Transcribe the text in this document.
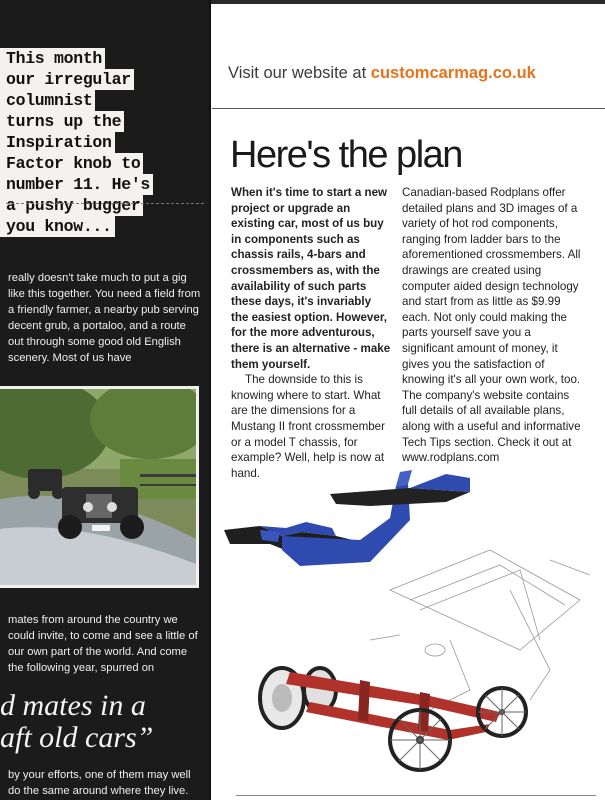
This month
our irregular
columnist
turns up the
Inspiration
Factor knob to
number 11. He's
a pushy bugger
you know...
really doesn't take much to put a gig like this together. You need a field from a friendly farmer, a nearby pub serving decent grub, a portaloo, and a route out through some good old English scenery. Most of us have
mates from around the country we could invite, to come and see a little of our own part of the world. And come the following year, spurred on
d mates in a
aft old cars”
by your efforts, one of them may well do the same around where they live.
Visit our website at customcarmag.co.uk
Here's the plan

When it's time to start a new project or upgrade an existing car, most of us buy in components such as chassis rails, 4-bars and crossmembers as, with the availability of such parts these days, it's invariably the easiest option. However, for the more adventurous, there is an alternative - make them yourself.

The downside to this is knowing where to start. What are the dimensions for a Mustang II front crossmember or a model T chassis, for example? Well, help is now at hand.

Canadian-based Rodplans offer detailed plans and 3D images of a variety of hot rod components, ranging from ladder bars to the aforementioned crossmembers. All drawings are created using computer aided design technology and start from as little as $9.99 each. Not only could making the parts yourself save you a significant amount of money, it gives you the satisfaction of knowing it's all your own work, too. The company's website contains full details of all available plans, along with a useful and informative Tech Tips section. Check it out at www.rodplans.com
